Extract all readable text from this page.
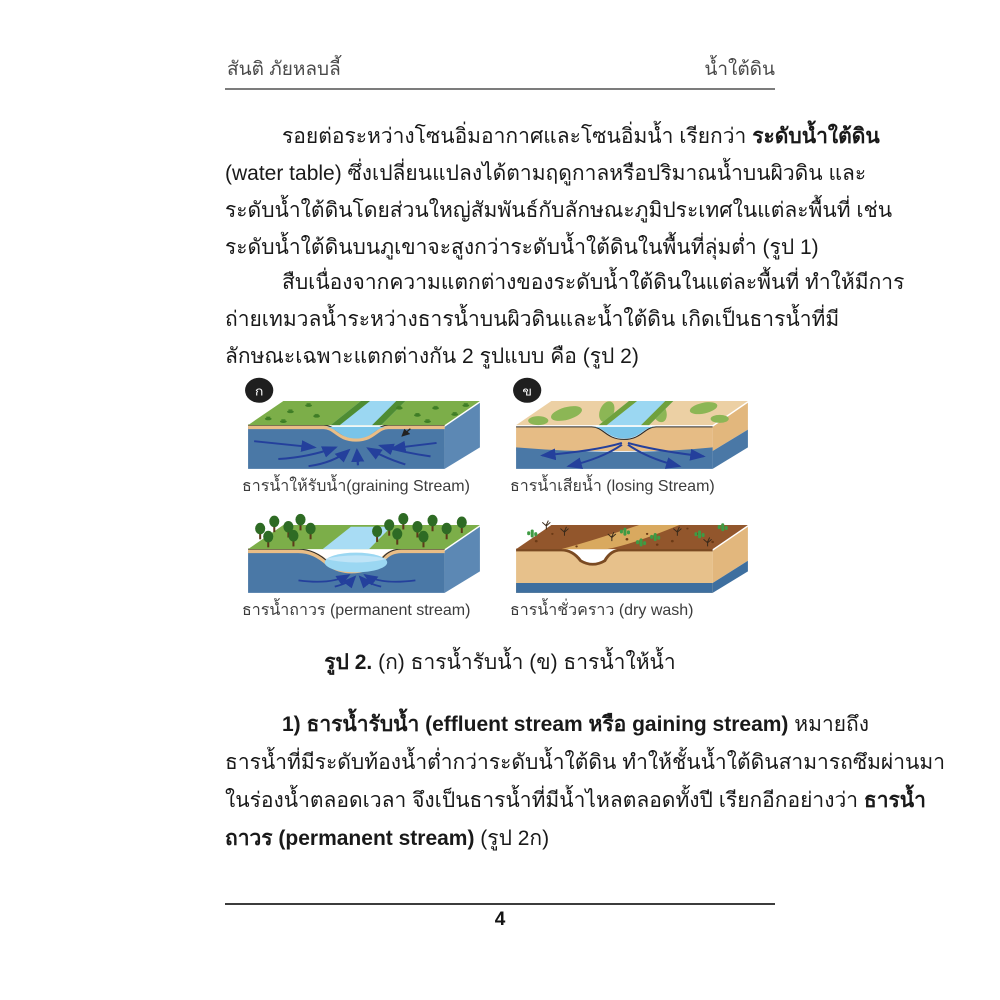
สันติ ภัยหลบลี้	น้ำใต้ดิน
รอยต่อระหว่างโซนอิ่มอากาศและโซนอิ่มน้ำ เรียกว่า ระดับน้ำใต้ดิน
(water table) ซึ่งเปลี่ยนแปลงได้ตามฤดูกาลหรือปริมาณน้ำบนผิวดิน และ
ระดับน้ำใต้ดินโดยส่วนใหญ่สัมพันธ์กับลักษณะภูมิประเทศในแต่ละพื้นที่ เช่น
ระดับน้ำใต้ดินบนภูเขาจะสูงกว่าระดับน้ำใต้ดินในพื้นที่ลุ่มต่ำ (รูป 1)
สืบเนื่องจากความแตกต่างของระดับน้ำใต้ดินในแต่ละพื้นที่ ทำให้มีการ
ถ่ายเทมวลน้ำระหว่างธารน้ำบนผิวดินและน้ำใต้ดิน เกิดเป็นธารน้ำที่มี
ลักษณะเฉพาะแตกต่างกัน 2 รูปแบบ คือ (รูป 2)
1) ธารน้ำรับน้ำ (effluent stream หรือ gaining stream) หมายถึง
ธารน้ำที่มีระดับท้องน้ำต่ำกว่าระดับน้ำใต้ดิน ทำให้ชั้นน้ำใต้ดินสามารถซึมผ่านมา
ในร่องน้ำตลอดเวลา จึงเป็นธารน้ำที่มีน้ำไหลตลอดทั้งปี เรียกอีกอย่างว่า ธารน้ำ
ถาวร (permanent stream) (รูป 2ก)
ก
ธารน้ำให้รับน้ำ(graining Stream)
ข
ธารน้ำเสียน้ำ (losing Stream)
ธารน้ำถาวร (permanent stream)	ธารน้ำชั่วคราว (dry wash)
รูป 2. (ก) ธารน้ำรับน้ำ (ข) ธารน้ำให้น้ำ
4
